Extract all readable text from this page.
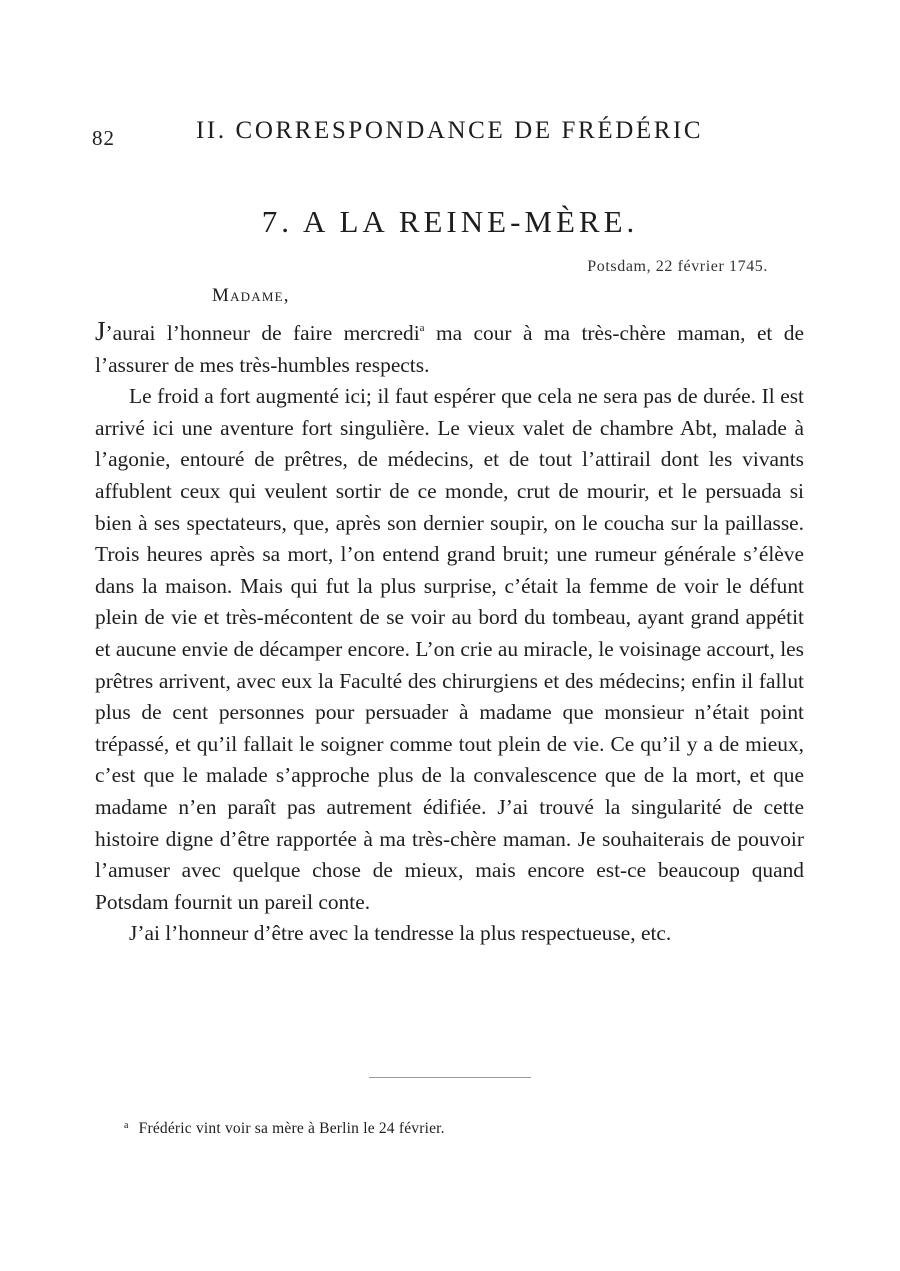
82	II. CORRESPONDANCE DE FRÉDÉRIC
7. A LA REINE-MÈRE.
Potsdam, 22 février 1745.
Madame,

J’aurai l’honneur de faire mercredi$^a$ ma cour à ma très-chère maman, et de l’assurer de mes très-humbles respects.

Le froid a fort augmenté ici; il faut espérer que cela ne sera pas de durée. Il est arrivé ici une aventure fort singulière. Le vieux valet de chambre Abt, malade à l’agonie, entouré de prêtres, de médecins, et de tout l’attirail dont les vivants affublent ceux qui veulent sortir de ce monde, crut de mourir, et le persuada si bien à ses spectateurs, que, après son dernier soupir, on le coucha sur la paillasse. Trois heures après sa mort, l’on entend grand bruit; une rumeur générale s’élève dans la maison. Mais qui fut la plus surprise, c’était la femme de voir le défunt plein de vie et très-mécontent de se voir au bord du tombeau, ayant grand appétit et aucune envie de décamper encore. L’on crie au miracle, le voisinage accourt, les prêtres arrivent, avec eux la Faculté des chirurgiens et des médecins; enfin il fallut plus de cent personnes pour persuader à madame que monsieur n’était point trépassé, et qu’il fallait le soigner comme tout plein de vie. Ce qu’il y a de mieux, c’est que le malade s’approche plus de la convalescence que de la mort, et que madame n’en paraît pas autrement édifiée. J’ai trouvé la singularité de cette histoire digne d’être rapportée à ma très-chère maman. Je souhaiterais de pouvoir l’amuser avec quelque chose de mieux, mais encore est-ce beaucoup quand Potsdam fournit un pareil conte.

J’ai l’honneur d’être avec la tendresse la plus respectueuse, etc.

$^a$ Frédéric vint voir sa mère à Berlin le 24 février.
